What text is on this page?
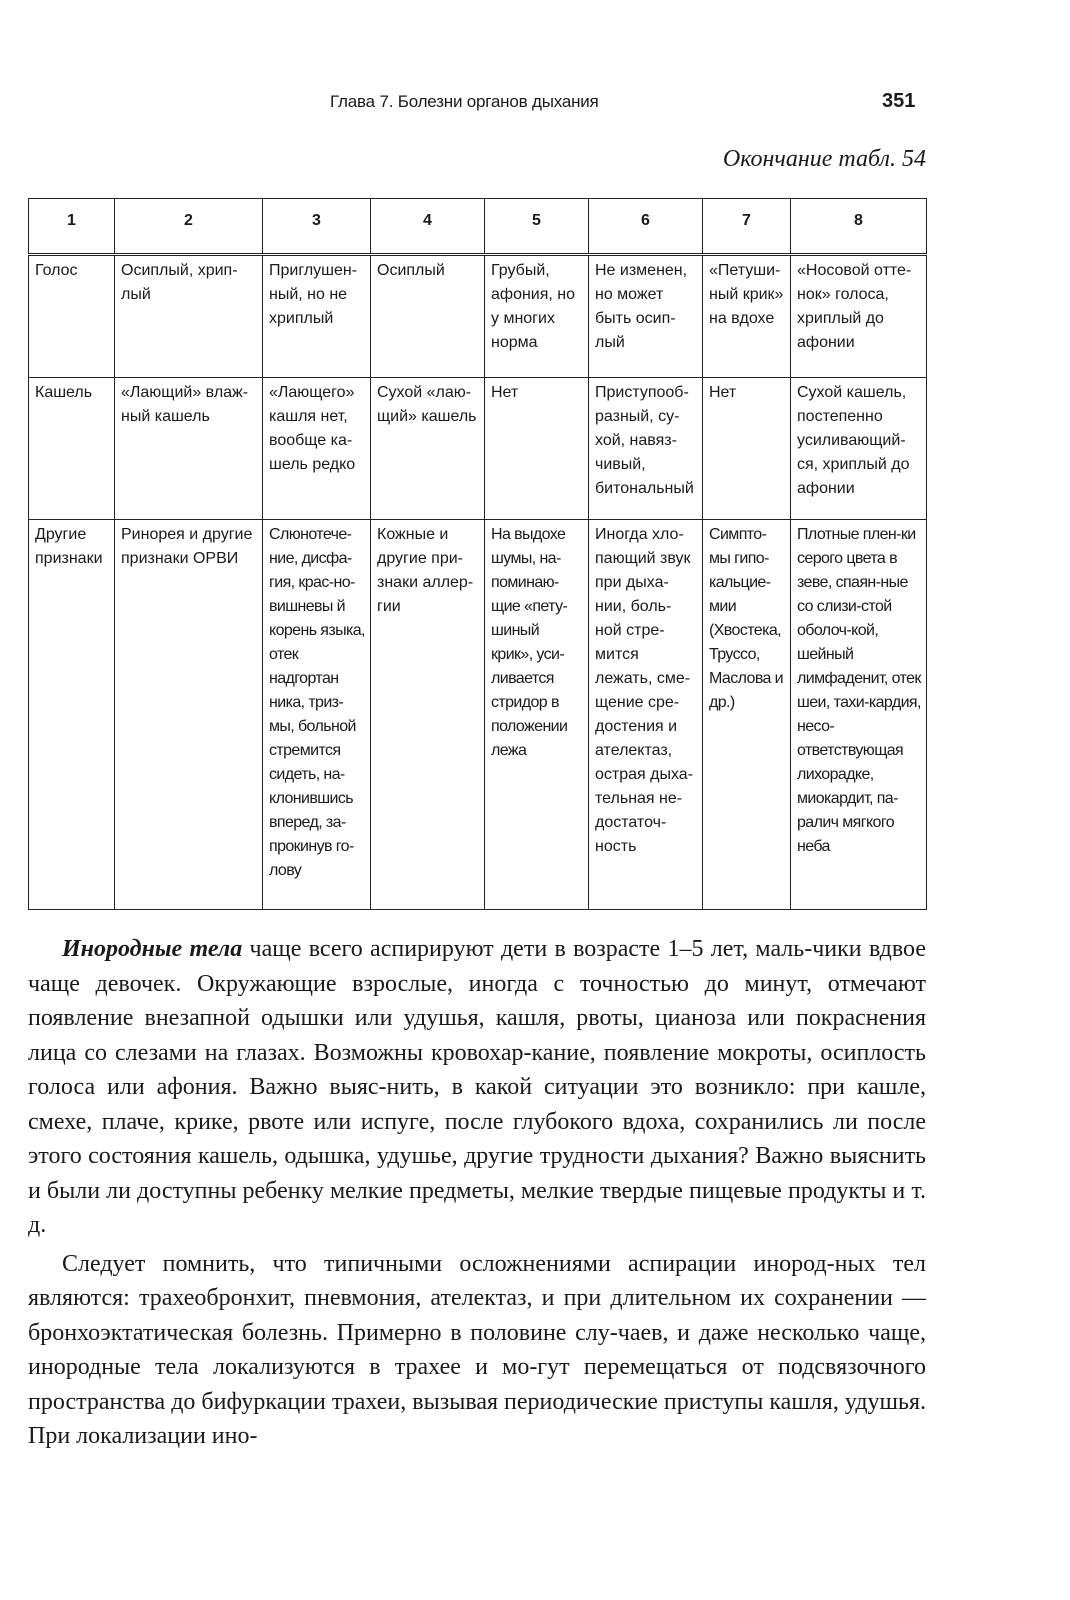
Глава 7. Болезни органов дыхания	351
Окончание табл. 54
1	2	3	4	5	6	7	8
Голос	Осиплый, хрип-лый	Приглушен-ный, но не хриплый	Осиплый	Грубый, афония, но у многих норма	Не изменен, но может быть осип-лый	«Петуши-ный крик» на вдохе	«Носовой отте-нок» голоса, хриплый до афонии
Кашель	«Лающий» влаж-ный кашель	«Лающего» кашля нет, вообще ка-шель редко	Сухой «лаю-щий» кашель	Нет	Приступооб-разный, су-хой, навяз-чивый, битональный	Нет	Сухой кашель, постепенно усиливающий-ся, хриплый до афонии
Другие признаки	Ринорея и другие признаки ОРВИ	Слюнотече-ние, дисфа-гия, крас-но-вишневы й корень языка, отек надгортан ника, триз-мы, больной стремится сидеть, на-клонившись вперед, за-прокинув го-лову	Кожные и другие при-знаки аллер-гии	На выдохе шумы, на-поминаю-щие «пету-шиный крик», уси-ливается стридор в положении лежа	Иногда хло-пающий звук при дыха-нии, боль-ной стре-мится лежать, сме-щение сре-достения и ателектаз, острая дыха-тельная не-достаточ-ность	Симпто-мы гипо-кальцие-мии (Хвостека, Труссо, Маслова и др.)	Плотные плен-ки серого цвета в зеве, спаян-ные со слизи-стой оболоч-кой, шейный лимфаденит, отек шеи, тахи-кардия, несо-ответствующая лихорадке, миокардит, па-ралич мягкого неба

Инородные тела чаще всего аспирируют дети в возрасте 1–5 лет, маль-чики вдвое чаще девочек. Окружающие взрослые, иногда с точностью до минут, отмечают появление внезапной одышки или удушья, кашля, рвоты, цианоза или покраснения лица со слезами на глазах. Возможны кровохар-кание, появление мокроты, осиплость голоса или афония. Важно выяс-нить, в какой ситуации это возникло: при кашле, смехе, плаче, крике, рвоте или испуге, после глубокого вдоха, сохранились ли после этого состояния кашель, одышка, удушье, другие трудности дыхания? Важно выяснить и были ли доступны ребенку мелкие предметы, мелкие твердые пищевые продукты и т. д.

Следует помнить, что типичными осложнениями аспирации инород-ных тел являются: трахеобронхит, пневмония, ателектаз, и при длительном их сохранении — бронхоэктатическая болезнь. Примерно в половине слу-чаев, и даже несколько чаще, инородные тела локализуются в трахее и мо-гут перемещаться от подсвязочного пространства до бифуркации трахеи, вызывая периодические приступы кашля, удушья. При локализации ино-
